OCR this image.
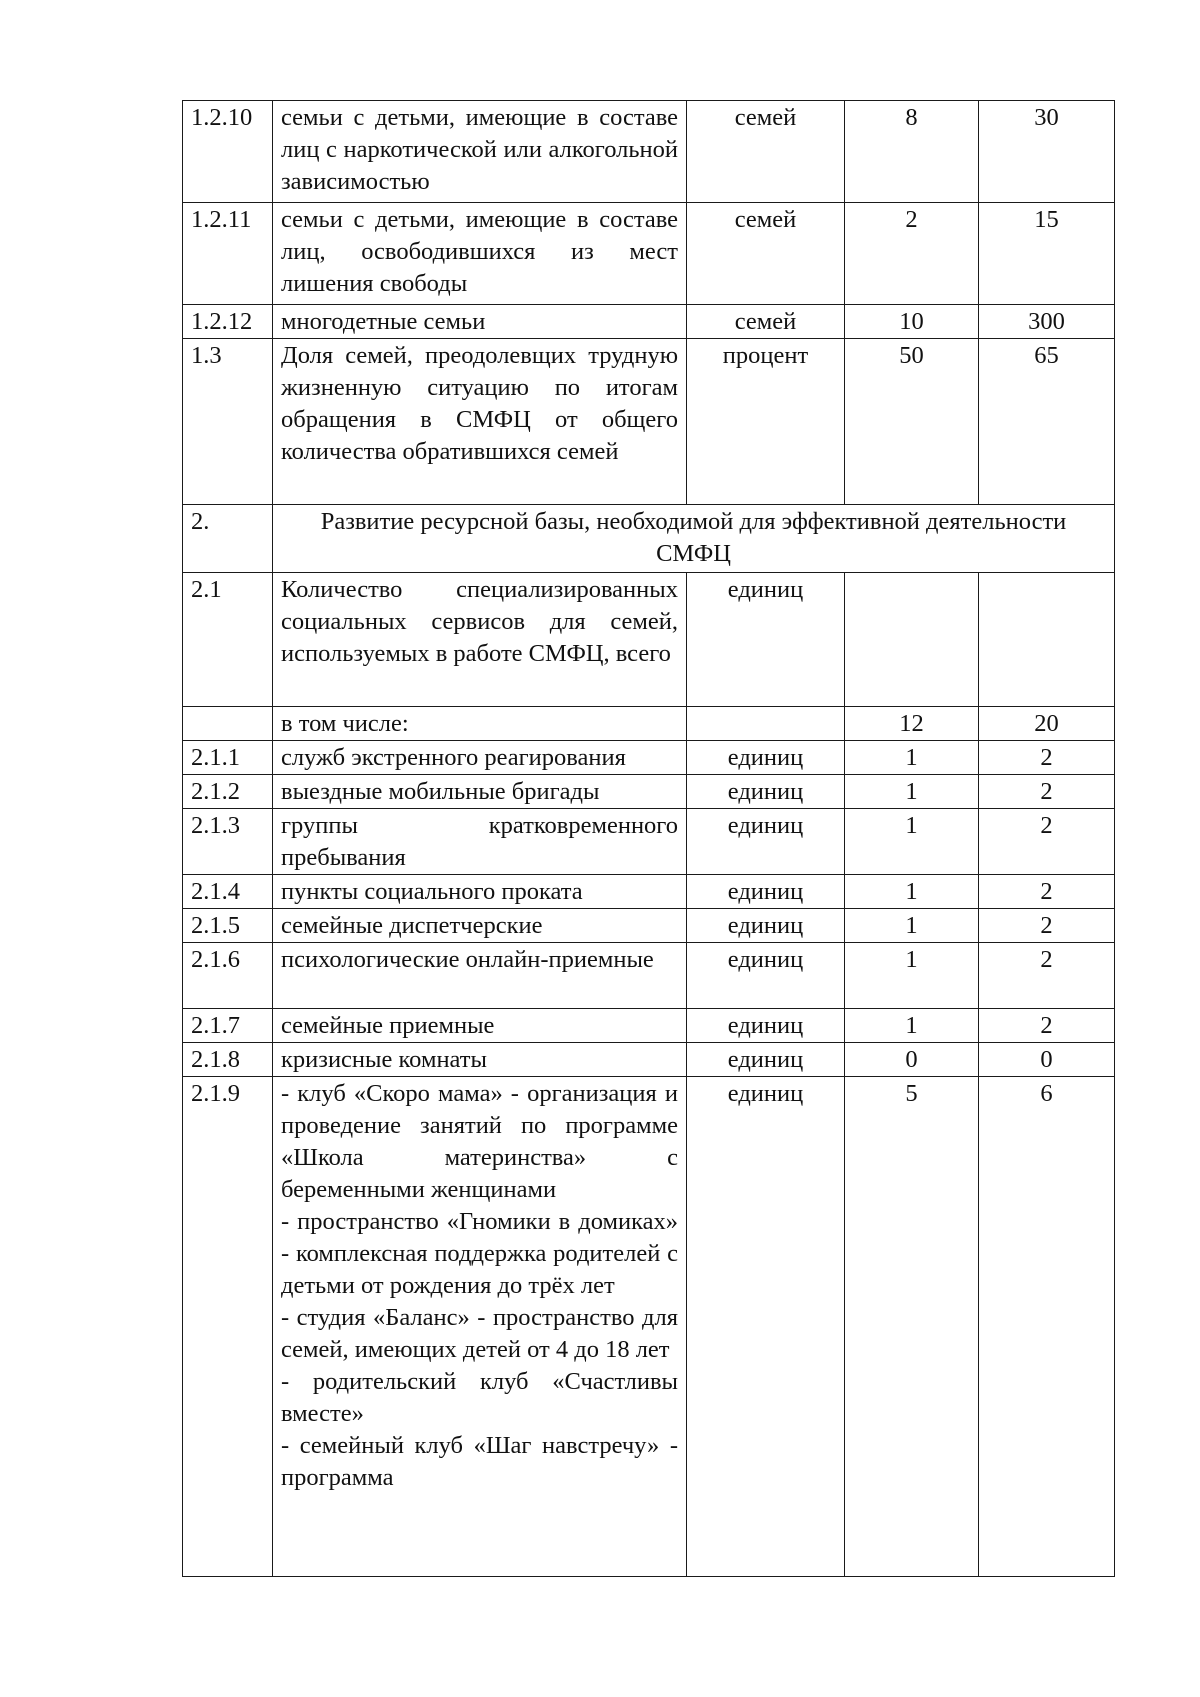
1.2.10	семьи с детьми, имеющие в составе лиц с наркотической или алкогольной зависимостью	семей	8	30
1.2.11	семьи с детьми, имеющие в составе лиц, освободившихся из мест лишения свободы	семей	2	15
1.2.12	многодетные семьи	семей	10	300
1.3	Доля семей, преодолевщих трудную жизненную ситуацию по итогам обращения в СМФЦ от общего количества обратившихся семей	процент	50	65
2.	Развитие ресурсной базы, необходимой для эффективной деятельности СМФЦ			
2.1	Количество специализированных социальных сервисов для семей, используемых в работе СМФЦ, всего	единиц		
	в том числе:		12	20
2.1.1	служб экстренного реагирования	единиц	1	2
2.1.2	выездные мобильные бригады	единиц	1	2
2.1.3	группы кратковременного пребывания	единиц	1	2
2.1.4	пункты социального проката	единиц	1	2
2.1.5	семейные диспетчерские	единиц	1	2
2.1.6	психологические онлайн-приемные	единиц	1	2
2.1.7	семейные приемные	единиц	1	2
2.1.8	кризисные комнаты	единиц	0	0
2.1.9	- клуб «Скоро мама» - организация и проведение занятий по программе «Школа материнства» с беременными женщинами
- пространство «Гномики в домиках» - комплексная поддержка родителей с детьми от рождения до трёх лет
- студия «Баланс» - пространство для семей, имеющих детей от 4 до 18 лет
- родительский клуб «Счастливы вместе»
- семейный клуб «Шаг навстречу» - программа	единиц	5	6
